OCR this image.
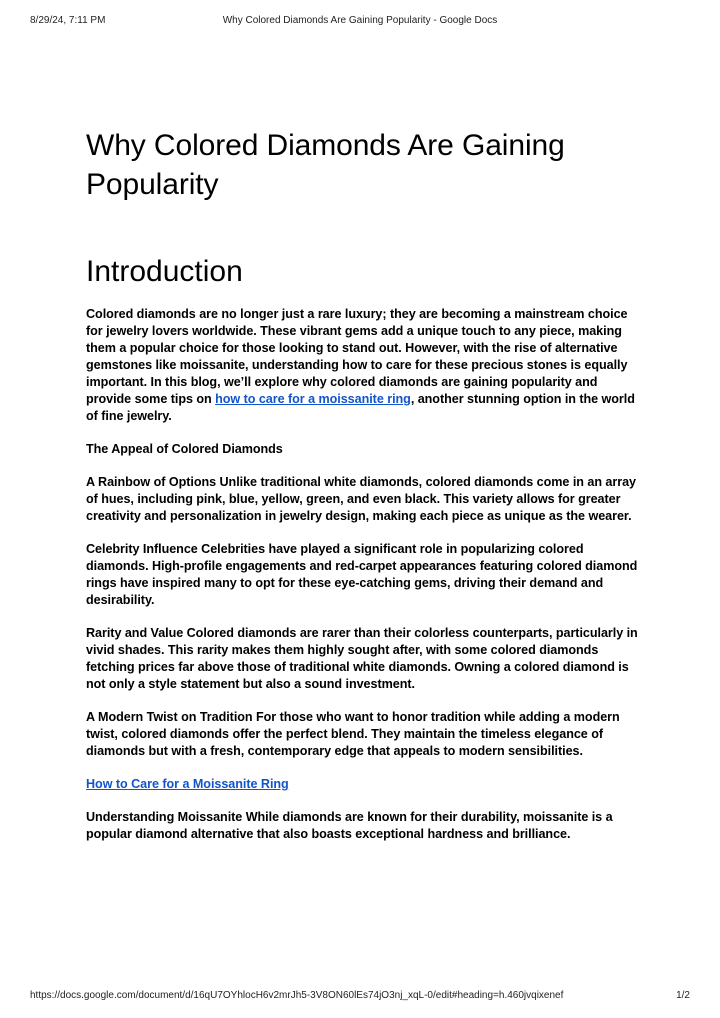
8/29/24, 7:11 PM	Why Colored Diamonds Are Gaining Popularity - Google Docs
Why Colored Diamonds Are Gaining Popularity
Introduction

Colored diamonds are no longer just a rare luxury; they are becoming a mainstream choice for jewelry lovers worldwide. These vibrant gems add a unique touch to any piece, making them a popular choice for those looking to stand out. However, with the rise of alternative gemstones like moissanite, understanding how to care for these precious stones is equally important. In this blog, we’ll explore why colored diamonds are gaining popularity and provide some tips on how to care for a moissanite ring, another stunning option in the world of fine jewelry.

The Appeal of Colored Diamonds

A Rainbow of Options Unlike traditional white diamonds, colored diamonds come in an array of hues, including pink, blue, yellow, green, and even black. This variety allows for greater creativity and personalization in jewelry design, making each piece as unique as the wearer.

Celebrity Influence Celebrities have played a significant role in popularizing colored diamonds. High-profile engagements and red-carpet appearances featuring colored diamond rings have inspired many to opt for these eye-catching gems, driving their demand and desirability.

Rarity and Value Colored diamonds are rarer than their colorless counterparts, particularly in vivid shades. This rarity makes them highly sought after, with some colored diamonds fetching prices far above those of traditional white diamonds. Owning a colored diamond is not only a style statement but also a sound investment.

A Modern Twist on Tradition For those who want to honor tradition while adding a modern twist, colored diamonds offer the perfect blend. They maintain the timeless elegance of diamonds but with a fresh, contemporary edge that appeals to modern sensibilities.

How to Care for a Moissanite Ring

Understanding Moissanite While diamonds are known for their durability, moissanite is a popular diamond alternative that also boasts exceptional hardness and brilliance.

https://docs.google.com/document/d/16qU7OYhlocH6v2mrJh5-3V8ON60lEs74jO3nj_xqL-0/edit#heading=h.460jvqixenef	1/2
